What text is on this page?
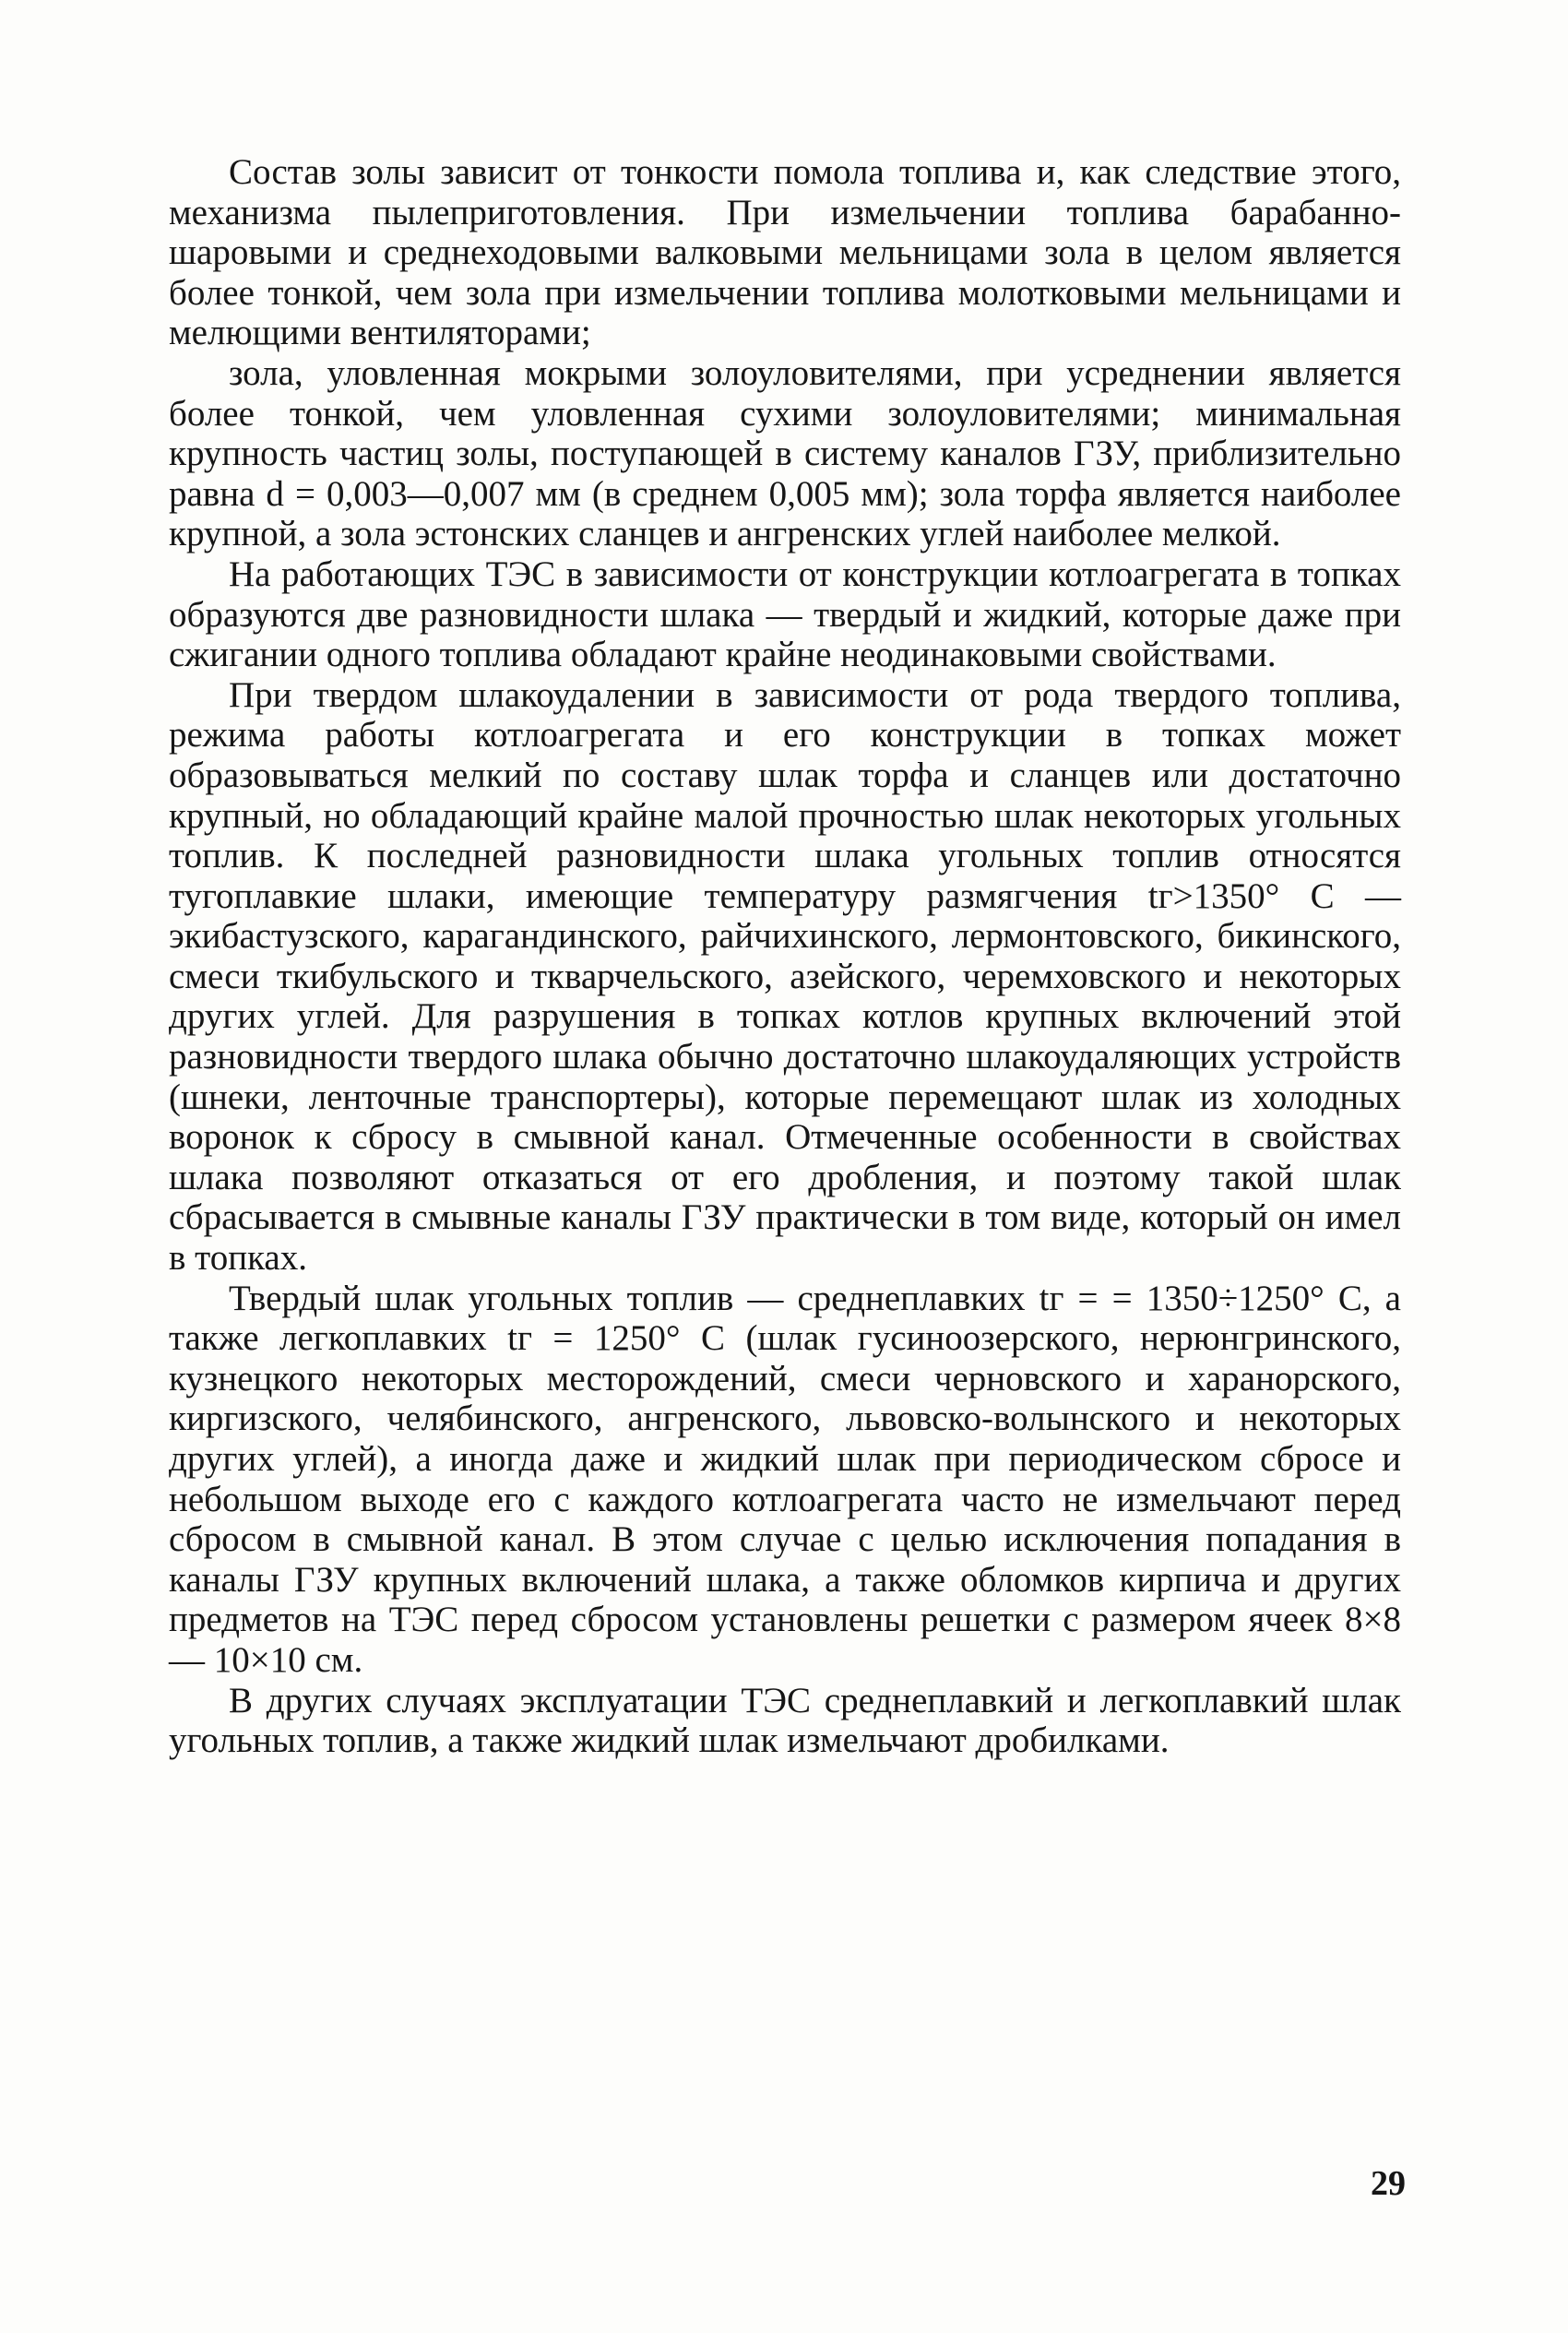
Состав золы зависит от тонкости помола топлива и, как следствие этого, механизма пылеприготовления. При измельчении топлива барабанно-шаровыми и среднеходовыми валковыми мельницами зола в целом является более тонкой, чем зола при измельчении топлива молотковыми мельницами и мелющими вентиляторами;

зола, уловленная мокрыми золоуловителями, при усреднении является более тонкой, чем уловленная сухими золоуловителями; минимальная крупность частиц золы, поступающей в систему каналов ГЗУ, приблизительно равна d = 0,003—0,007 мм (в среднем 0,005 мм); зола торфа является наиболее крупной, а зола эстонских сланцев и ангренских углей наиболее мелкой.

На работающих ТЭС в зависимости от конструкции котлоагрегата в топках образуются две разновидности шлака — твердый и жидкий, которые даже при сжигании одного топлива обладают крайне неодинаковыми свойствами.

При твердом шлакоудалении в зависимости от рода твердого топлива, режима работы котлоагрегата и его конструкции в топках может образовываться мелкий по составу шлак торфа и сланцев или достаточно крупный, но обладающий крайне малой прочностью шлак некоторых угольных топлив. К последней разновидности шлака угольных топлив относятся тугоплавкие шлаки, имеющие температуру размягчения tг>1350° С — экибастузского, карагандинского, райчихинского, лермонтовского, бикинского, смеси ткибульского и ткварчельского, азейского, черемховского и некоторых других углей. Для разрушения в топках котлов крупных включений этой разновидности твердого шлака обычно достаточно шлакоудаляющих устройств (шнеки, ленточные транспортеры), которые перемещают шлак из холодных воронок к сбросу в смывной канал. Отмеченные особенности в свойствах шлака позволяют отказаться от его дробления, и поэтому такой шлак сбрасывается в смывные каналы ГЗУ практически в том виде, который он имел в топках.

Твердый шлак угольных топлив — среднеплавких tг = = 1350÷1250° С, а также легкоплавких tг = 1250° С (шлак гусиноозерского, нерюнгринского, кузнецкого некоторых месторождений, смеси черновского и харанорского, киргизского, челябинского, ангренского, львовско-волынского и некоторых других углей), а иногда даже и жидкий шлак при периодическом сбросе и небольшом выходе его с каждого котлоагрегата часто не измельчают перед сбросом в смывной канал. В этом случае с целью исключения попадания в каналы ГЗУ крупных включений шлака, а также обломков кирпича и других предметов на ТЭС перед сбросом установлены решетки с размером ячеек 8×8 — 10×10 см.

В других случаях эксплуатации ТЭС среднеплавкий и легкоплавкий шлак угольных топлив, а также жидкий шлак измельчают дробилками.

29
